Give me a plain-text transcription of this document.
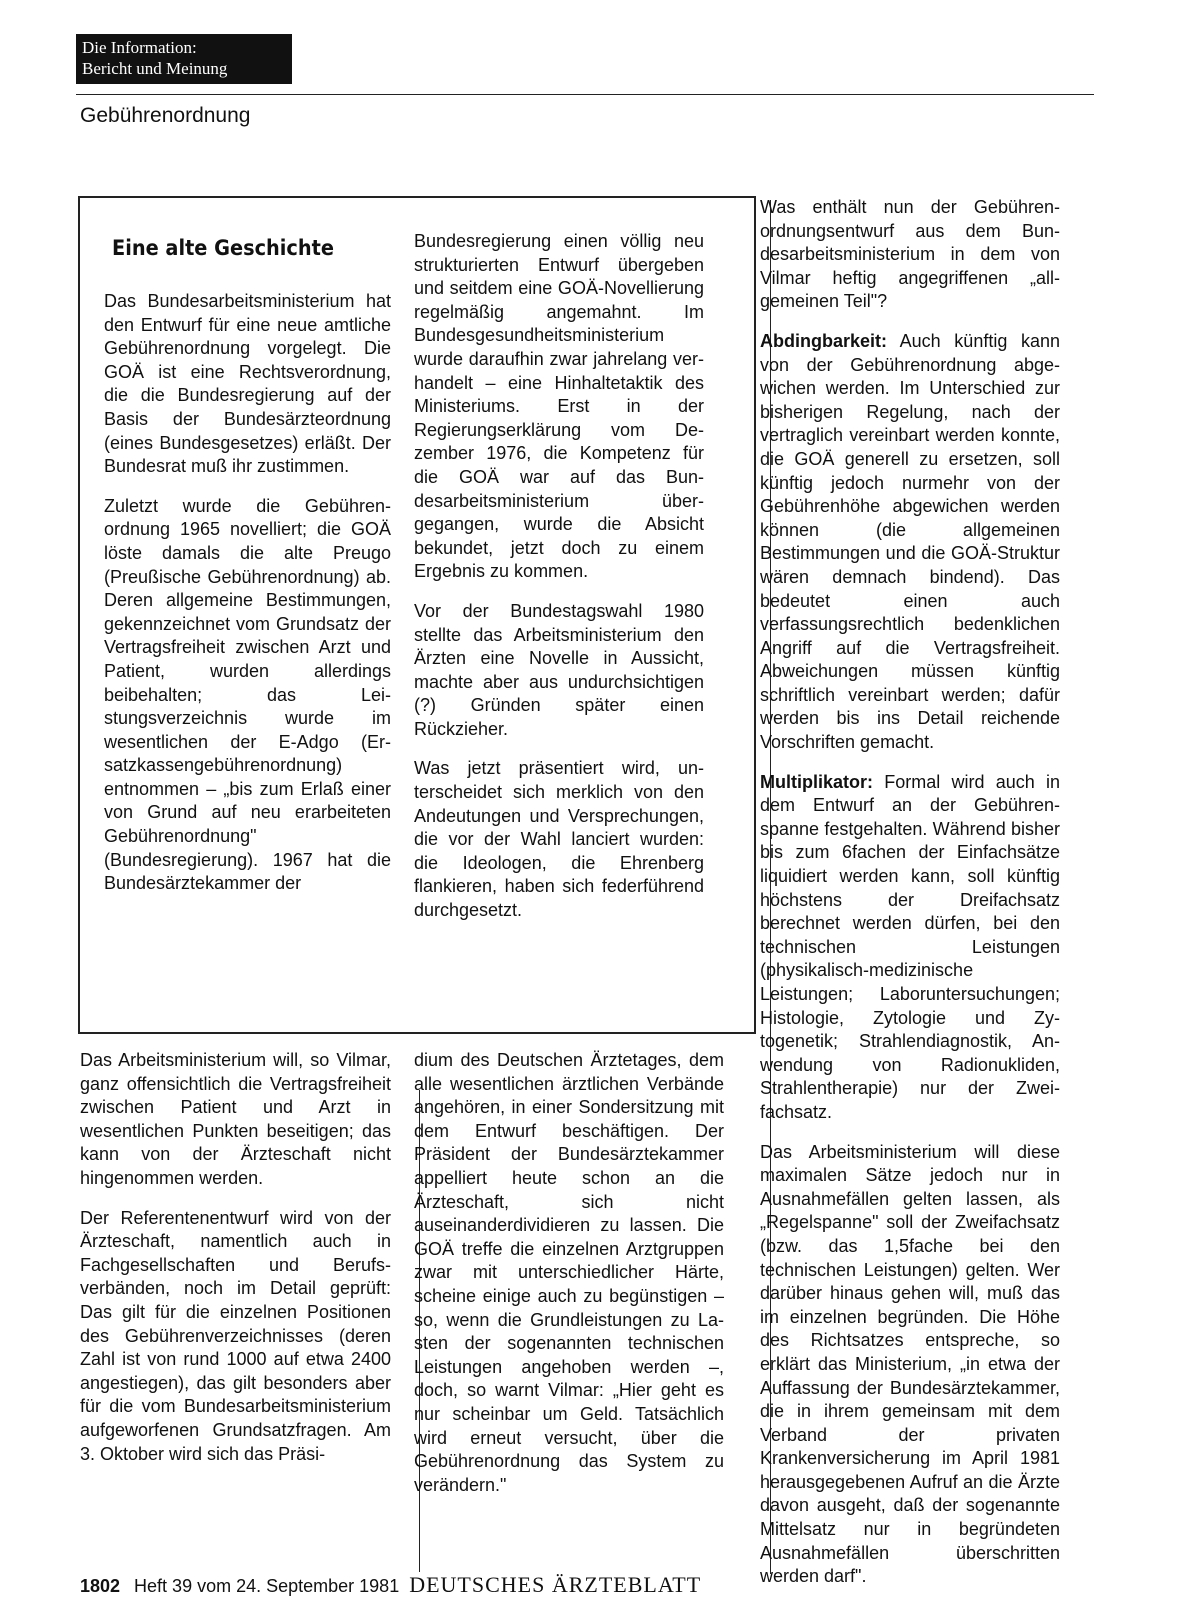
Die Information:
Bericht und Meinung
Gebührenordnung
Eine alte Geschichte

Das Bundesarbeitsministerium hat den Entwurf für eine neue amtliche Gebührenordnung vorgelegt. Die GOÄ ist eine Rechtsverordnung, die die Bundesregierung auf der Basis der Bundesärzteordnung (eines Bundesgesetzes) erläßt. Der Bundesrat muß ihr zustimmen.

Zuletzt wurde die Gebührenordnung 1965 novelliert; die GOÄ löste damals die alte Preugo (Preußische Gebührenordnung) ab. Deren allgemeine Bestimmungen, gekennzeichnet vom Grundsatz der Vertragsfreiheit zwischen Arzt und Patient, wurden allerdings beibehalten; das Leistungsverzeichnis wurde im wesentlichen der E-Adgo (Ersatzkassengebührenordnung) entnommen – „bis zum Erlaß einer von Grund auf neu erarbeiteten Gebührenordnung" (Bundesregierung). 1967 hat die Bundesärztekammer der

Bundesregierung einen völlig neu strukturierten Entwurf übergeben und seitdem eine GOÄ-Novellierung regelmäßig angemahnt. Im Bundesgesundheitsministerium wurde daraufhin zwar jahrelang verhandelt – eine Hinhaltetaktik des Ministeriums. Erst in der Regierungserklärung vom Dezember 1976, die Kompetenz für die GOÄ war auf das Bundesarbeitsministerium übergegangen, wurde die Absicht bekundet, jetzt doch zu einem Ergebnis zu kommen.

Vor der Bundestagswahl 1980 stellte das Arbeitsministerium den Ärzten eine Novelle in Aussicht, machte aber aus undurchsichtigen (?) Gründen später einen Rückzieher.

Was jetzt präsentiert wird, unterscheidet sich merklich von den Andeutungen und Versprechungen, die vor der Wahl lanciert wurden: die Ideologen, die Ehrenberg flankieren, haben sich federführend durchgesetzt.

Das Arbeitsministerium will, so Vilmar, ganz offensichtlich die Vertragsfreiheit zwischen Patient und Arzt in wesentlichen Punkten beseitigen; das kann von der Ärzteschaft nicht hingenommen werden.

Der Referentenentwurf wird von der Ärzteschaft, namentlich auch in Fachgesellschaften und Berufsverbänden, noch im Detail geprüft: Das gilt für die einzelnen Positionen des Gebührenverzeichnisses (deren Zahl ist von rund 1000 auf etwa 2400 angestiegen), das gilt besonders aber für die vom Bundesarbeitsministerium aufgeworfenen Grundsatzfragen. Am 3. Oktober wird sich das Präsi-

dium des Deutschen Ärztetages, dem alle wesentlichen ärztlichen Verbände angehören, in einer Sondersitzung mit dem Entwurf beschäftigen. Der Präsident der Bundesärztekammer appelliert heute schon an die Ärzteschaft, sich nicht auseinanderdividieren zu lassen. Die GOÄ treffe die einzelnen Arztgruppen zwar mit unterschiedlicher Härte, scheine einige auch zu begünstigen – so, wenn die Grundleistungen zu Lasten der sogenannten technischen Leistungen angehoben werden –, doch, so warnt Vilmar: „Hier geht es nur scheinbar um Geld. Tatsächlich wird erneut versucht, über die Gebührenordnung das System zu verändern."

Was enthält nun der Gebührenordnungsentwurf aus dem Bundesarbeitsministerium in dem von Vilmar heftig angegriffenen „allgemeinen Teil"?

Abdingbarkeit: Auch künftig kann von der Gebührenordnung abgewichen werden. Im Unterschied zur bisherigen Regelung, nach der vertraglich vereinbart werden konnte, die GOÄ generell zu ersetzen, soll künftig jedoch nurmehr von der Gebührenhöhe abgewichen werden können (die allgemeinen Bestimmungen und die GOÄ-Struktur wären demnach bindend). Das bedeutet einen auch verfassungsrechtlich bedenklichen Angriff auf die Vertragsfreiheit. Abweichungen müssen künftig schriftlich vereinbart werden; dafür werden bis ins Detail reichende Vorschriften gemacht.

Multiplikator: Formal wird auch in dem Entwurf an der Gebührenspanne festgehalten. Während bisher bis zum 6fachen der Einfachsätze liquidiert werden kann, soll künftig höchstens der Dreifachsatz berechnet werden dürfen, bei den technischen Leistungen (physikalisch-medizinische Leistungen; Laboruntersuchungen; Histologie, Zytologie und Zytogenetik; Strahlendiagnostik, Anwendung von Radionukliden, Strahlentherapie) nur der Zweifachsatz.

Das Arbeitsministerium will diese maximalen Sätze jedoch nur in Ausnahmefällen gelten lassen, als „Regelspanne" soll der Zweifachsatz (bzw. das 1,5fache bei den technischen Leistungen) gelten. Wer darüber hinaus gehen will, muß das im einzelnen begründen. Die Höhe des Richtsatzes entspreche, so erklärt das Ministerium, „in etwa der Auffassung der Bundesärztekammer, die in ihrem gemeinsam mit dem Verband der privaten Krankenversicherung im April 1981 herausgegebenen Aufruf an die Ärzte davon ausgeht, daß der sogenannte Mittelsatz nur in begründeten Ausnahmefällen überschritten werden darf".

1802 Heft 39 vom 24. September 1981 DEUTSCHES ÄRZTEBLATT
